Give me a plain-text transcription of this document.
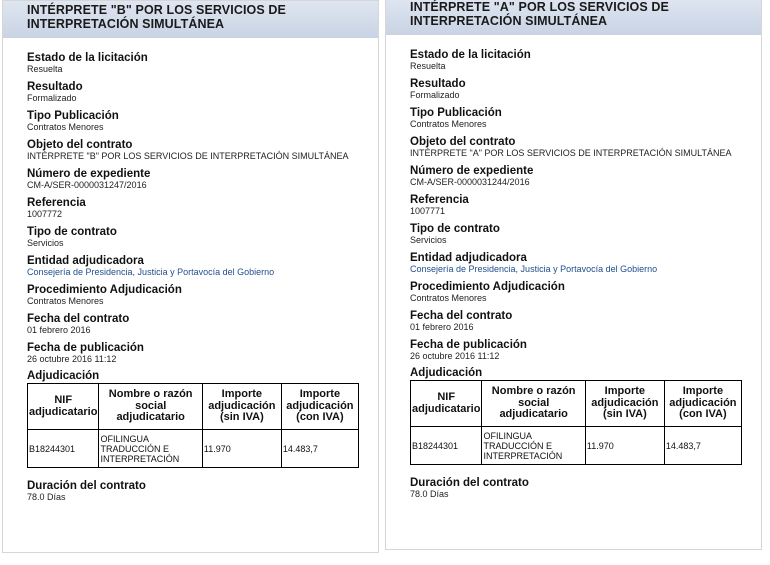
INTÉRPRETE "B" POR LOS SERVICIOS DE INTERPRETACIÓN SIMULTÁNEA
Estado de la licitación
Resuelta
Resultado
Formalizado
Tipo Publicación
Contratos Menores
Objeto del contrato
INTÉRPRETE "B" POR LOS SERVICIOS DE INTERPRETACIÓN SIMULTÁNEA
Número de expediente
CM-A/SER-0000031247/2016
Referencia
1007772
Tipo de contrato
Servicios
Entidad adjudicadora
Consejería de Presidencia, Justicia y Portavocía del Gobierno
Procedimiento Adjudicación
Contratos Menores
Fecha del contrato
01 febrero 2016
Fecha de publicación
26 octubre 2016 11:12
Adjudicación
NIF adjudicatario	Nombre o razón social adjudicatario	Importe adjudicación (sin IVA)	Importe adjudicación (con IVA)
B18244301	OFILINGUA TRADUCCIÓN E INTERPRETACIÓN	11.970	14.483,7
Duración del contrato
78.0 Días
INTÉRPRETE "A" POR LOS SERVICIOS DE INTERPRETACIÓN SIMULTÁNEA
Estado de la licitación
Resuelta
Resultado
Formalizado
Tipo Publicación
Contratos Menores
Objeto del contrato
INTÉRPRETE "A" POR LOS SERVICIOS DE INTERPRETACIÓN SIMULTÁNEA
Número de expediente
CM-A/SER-0000031244/2016
Referencia
1007771
Tipo de contrato
Servicios
Entidad adjudicadora
Consejería de Presidencia, Justicia y Portavocía del Gobierno
Procedimiento Adjudicación
Contratos Menores
Fecha del contrato
01 febrero 2016
Fecha de publicación
26 octubre 2016 11:12
Adjudicación
NIF adjudicatario	Nombre o razón social adjudicatario	Importe adjudicación (sin IVA)	Importe adjudicación (con IVA)
B18244301	OFILINGUA TRADUCCIÓN E INTERPRETACIÓN	11.970	14.483,7
Duración del contrato
78.0 Días
